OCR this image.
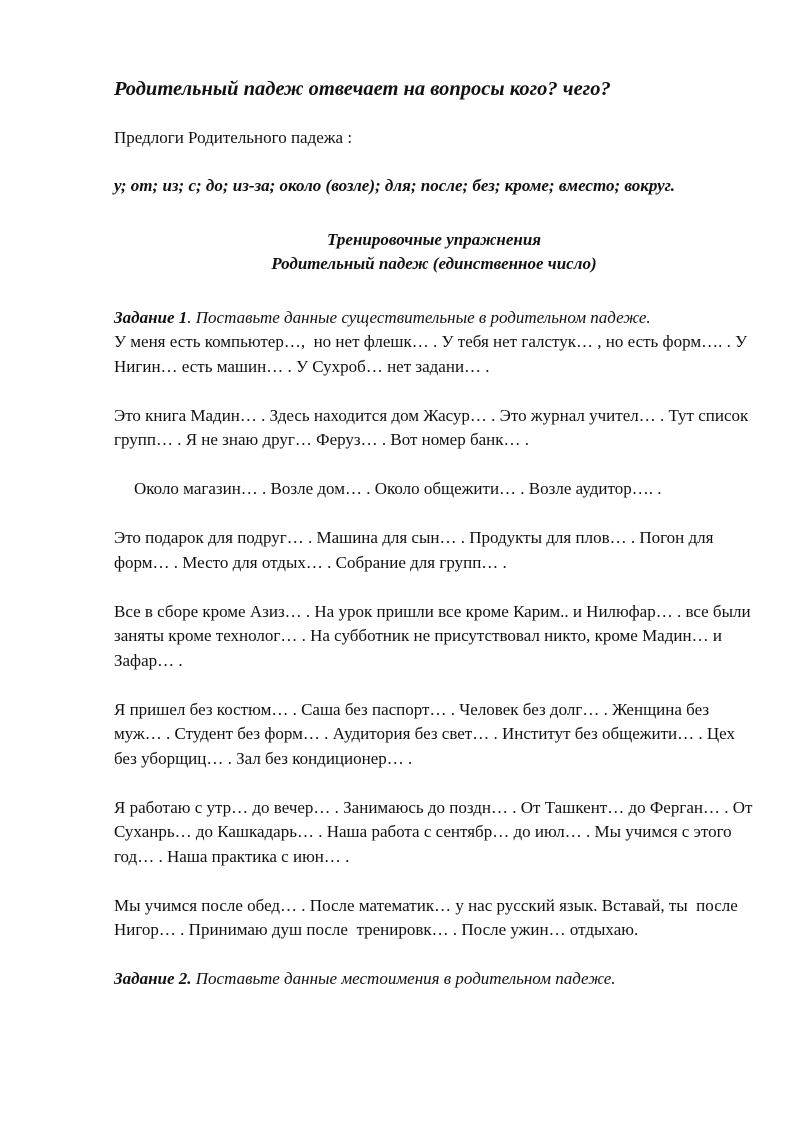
Родительный падеж отвечает на вопросы кого? чего?

Предлоги Родительного падежа :
у; от; из; с; до; из-за; около (возле); для; после; без; кроме; вместо; вокруг.
Тренировочные упражнения
Родительный падеж (единственное число)
Задание 1. Поставьте данные существительные в родительном падеже.

У меня есть компьютер…,  но нет флешк… . У тебя нет галстук… , но есть форм…. . У Нигин… есть машин… . У Сухроб… нет задани… .

Это книга Мадин… . Здесь находится дом Жасур… . Это журнал учител… . Тут список групп… . Я не знаю друг… Феруз… . Вот номер банк… .

Около магазин… . Возле дом… . Около общежити… . Возле аудитор…. .

Это подарок для подруг… . Машина для сын… . Продукты для плов… . Погон для форм… . Место для отдых… . Собрание для групп… .

Все в сборе кроме Азиз… . На урок пришли все кроме Карим.. и Нилюфар… . все были заняты кроме технолог… . На субботник не присутствовал никто, кроме Мадин… и Зафар… .

Я пришел без костюм… . Саша без паспорт… . Человек без долг… . Женщина без муж… . Студент без форм… . Аудитория без свет… . Институт без общежити… . Цех без уборщиц… . Зал без кондиционер… .

Я работаю с утр… до вечер… . Занимаюсь до поздн… . От Ташкент… до Ферган… . От Суханрь… до Кашкадарь… . Наша работа с сентябр… до июл… . Мы учимся с этого год… . Наша практика с июн… .

Мы учимся после обед… . После математик… у нас русский язык. Вставай, ты  после Нигор… . Принимаю душ после  тренировк… . После ужин… отдыхаю.

Задание 2. Поставьте данные местоимения в родительном падеже.
